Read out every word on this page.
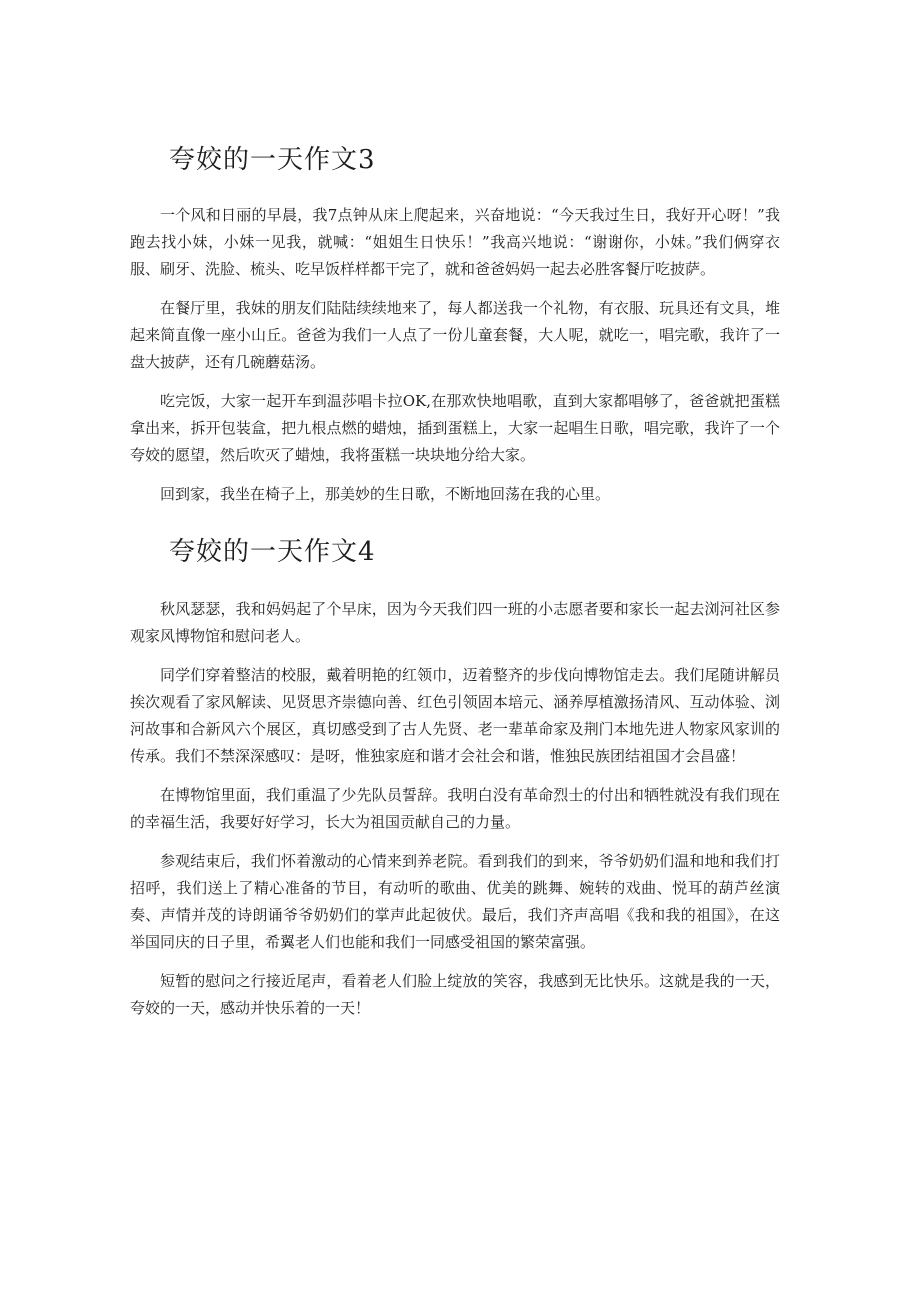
夸姣的一天作文3

一个风和日丽的早晨，我7点钟从床上爬起来，兴奋地说：“今天我过生日，我好开心呀！”我跑去找小妹，小妹一见我，就喊：“姐姐生日快乐！”我高兴地说：“谢谢你，小妹。”我们俩穿衣服、刷牙、洗脸、梳头、吃早饭样样都干完了，就和爸爸妈妈一起去必胜客餐厅吃披萨。

在餐厅里，我妹的朋友们陆陆续续地来了，每人都送我一个礼物，有衣服、玩具还有文具，堆起来简直像一座小山丘。爸爸为我们一人点了一份儿童套餐，大人呢，就吃一，唱完歌，我许了一盘大披萨，还有几碗蘑菇汤。

吃完饭，大家一起开车到温莎唱卡拉OK,在那欢快地唱歌，直到大家都唱够了，爸爸就把蛋糕拿出来，拆开包装盒，把九根点燃的蜡烛，插到蛋糕上，大家一起唱生日歌，唱完歌，我许了一个夸姣的愿望，然后吹灭了蜡烛，我将蛋糕一块块地分给大家。

回到家，我坐在椅子上，那美妙的生日歌，不断地回荡在我的心里。

夸姣的一天作文4

秋风瑟瑟，我和妈妈起了个早床，因为今天我们四一班的小志愿者要和家长一起去浏河社区参观家风博物馆和慰问老人。

同学们穿着整洁的校服，戴着明艳的红领巾，迈着整齐的步伐向博物馆走去。我们尾随讲解员挨次观看了家风解读、见贤思齐崇德向善、红色引领固本培元、涵养厚植激扬清风、互动体验、浏河故事和合新风六个展区，真切感受到了古人先贤、老一辈革命家及荆门本地先进人物家风家训的传承。我们不禁深深感叹：是呀，惟独家庭和谐才会社会和谐，惟独民族团结祖国才会昌盛！

在博物馆里面，我们重温了少先队员誓辞。我明白没有革命烈士的付出和牺牲就没有我们现在的幸福生活，我要好好学习，长大为祖国贡献自己的力量。

参观结束后，我们怀着激动的心情来到养老院。看到我们的到来，爷爷奶奶们温和地和我们打招呼，我们送上了精心准备的节目，有动听的歌曲、优美的跳舞、婉转的戏曲、悦耳的葫芦丝演奏、声情并茂的诗朗诵爷爷奶奶们的掌声此起彼伏。最后，我们齐声高唱《我和我的祖国》，在这举国同庆的日子里，希翼老人们也能和我们一同感受祖国的繁荣富强。

短暂的慰问之行接近尾声，看着老人们脸上绽放的笑容，我感到无比快乐。这就是我的一天，夸姣的一天，感动并快乐着的一天！
